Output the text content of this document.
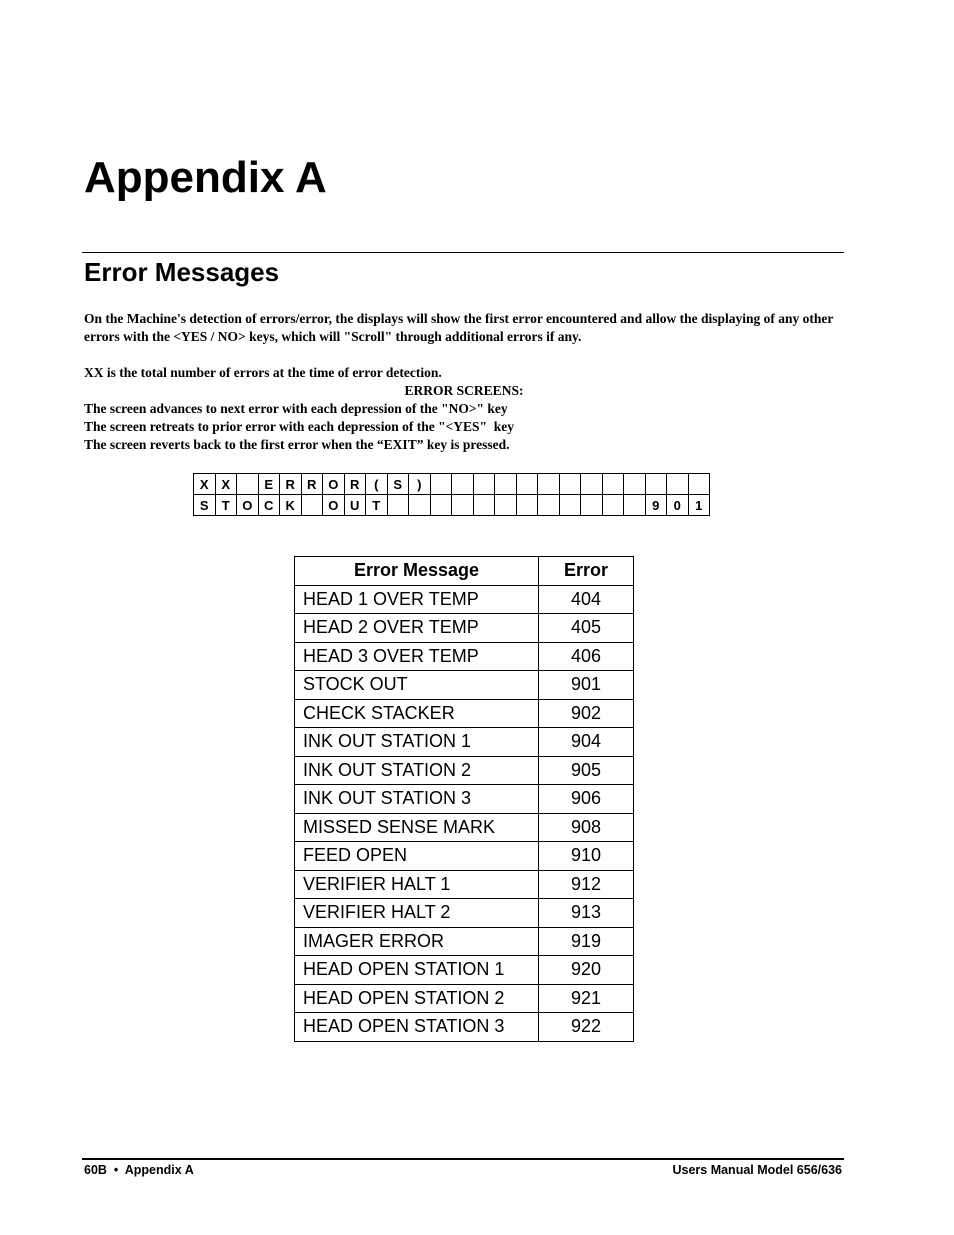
Appendix A
Error Messages

On the Machine's detection of errors/error, the displays will show the first error encountered and allow the displaying of any other errors with the <YES / NO> keys, which will "Scroll" through additional errors if any.

XX is the total number of errors at the time of error detection.
ERROR SCREENS:
The screen advances to next error with each depression of the "NO>" key
The screen retreats to prior error with each depression of the "<YES"  key
The screen reverts back to the first error when the “EXIT” key is pressed.
X	X		E	R	R	O	R	(	S	)													
S	T	O	C	K		O	U	T													9	0	1
Error Message	Error
HEAD 1 OVER TEMP	404
HEAD 2 OVER TEMP	405
HEAD 3 OVER TEMP	406
STOCK OUT	901
CHECK STACKER	902
INK OUT STATION 1	904
INK OUT STATION 2	905
INK OUT STATION 3	906
MISSED SENSE MARK	908
FEED OPEN	910
VERIFIER HALT 1	912
VERIFIER HALT 2	913
IMAGER ERROR	919
HEAD OPEN STATION 1	920
HEAD OPEN STATION 2	921
HEAD OPEN STATION 3	922
60B  •  Appendix A	Users Manual Model 656/636
